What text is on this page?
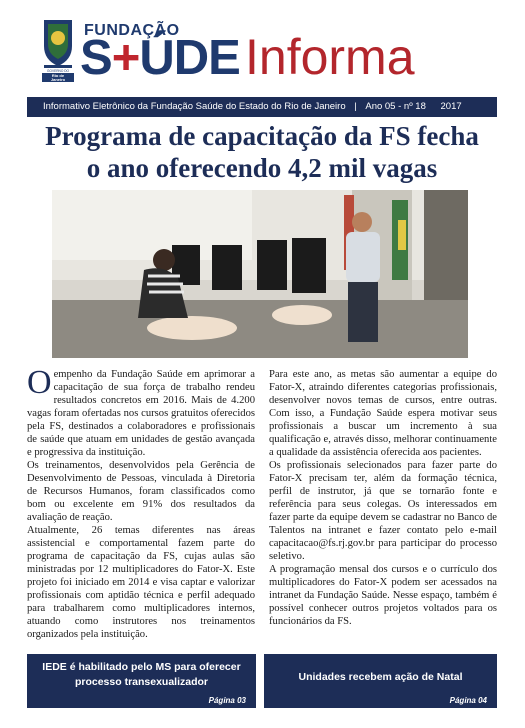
GOVERNO DO
Rio de
Janeiro
FUNDAÇÃO
S+ÚDE Informa
Informativo Eletrônico da Fundação Saúde do Estado do Rio de Janeiro | Ano 05 - nº 18 2017
Programa de capacitação da FS fecha
o ano oferecendo 4,2 mil vagas

Oempenho da Fundação Saúde em aprimorar a capacitação de sua força de trabalho rendeu resultados concretos em 2016. Mais de 4.200 vagas foram ofertadas nos cursos gratuitos oferecidos pela FS, destinados a colaboradores e profissionais de saúde que atuam em unidades de gestão avançada e progressiva da instituição.

Os treinamentos, desenvolvidos pela Gerência de Desenvolvimento de Pessoas, vinculada à Diretoria de Recursos Humanos, foram classificados como bom ou excelente em 91% dos resultados da avaliação de reação.

Atualmente, 26 temas diferentes nas áreas assistencial e comportamental fazem parte do programa de capacitação da FS, cujas aulas são ministradas por 12 multiplicadores do Fator-X. Este projeto foi iniciado em 2014 e visa captar e valorizar profissionais com aptidão técnica e perfil adequado para trabalharem como multiplicadores internos, atuando como instrutores nos treinamentos organizados pela instituição.

Para este ano, as metas são aumentar a equipe do Fator-X, atraindo diferentes categorias profissionais, desenvolver novos temas de cursos, entre outras. Com isso, a Fundação Saúde espera motivar seus profissionais a buscar um incremento à sua qualificação e, através disso, melhorar continuamente a qualidade da assistência oferecida aos pacientes.

Os profissionais selecionados para fazer parte do Fator-X precisam ter, além da formação técnica, perfil de instrutor, já que se tornarão fonte e referência para seus colegas. Os interessados em fazer parte da equipe devem se cadastrar no Banco de Talentos na intranet e fazer contato pelo e-mail capacitacao@fs.rj.gov.br para participar do processo seletivo.

A programação mensal dos cursos e o currículo dos multiplicadores do Fator-X podem ser acessados na intranet da Fundação Saúde. Nesse espaço, também é possível conhecer outros projetos voltados para os funcionários da FS.

IEDE é habilitado pelo MS para oferecer processo transexualizador
Página 03
Unidades recebem ação de Natal
Página 04
